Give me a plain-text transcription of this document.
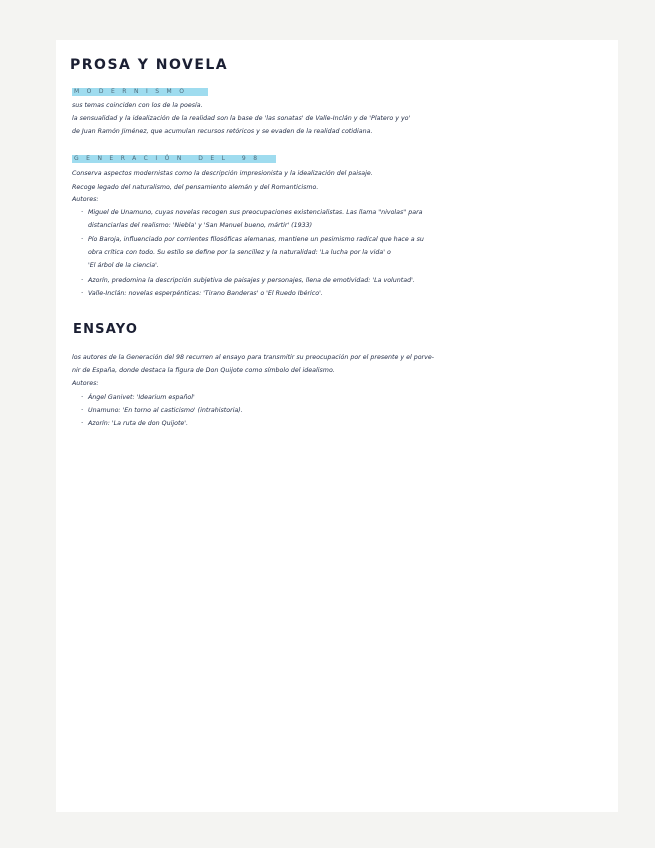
PROSA Y NOVELA
MODERNISMO
sus temas coinciden con los de la poesía.
la sensualidad y la idealización de la realidad son la base de 'las sonatas' de Valle-Inclán y de 'Platero y yo'
de Juan Ramón Jiménez, que acumulan recursos retóricos y se evaden de la realidad cotidiana.
GENERACIÓN DEL 98
Conserva aspectos modernistas como la descripción impresionista y la idealización del paisaje.
Recoge legado del naturalismo, del pensamiento alemán y del Romanticismo.
Autores:
· Miguel de Unamuno, cuyas novelas recogen sus preocupaciones existencialistas. Las llama "nivolas" para
distanciarlas del realismo: 'Niebla' y 'San Manuel bueno, mártir' (1933)
· Pío Baroja, influenciado por corrientes filosóficas alemanas, mantiene un pesimismo radical que hace a su
obra crítica con todo. Su estilo se define por la sencillez y la naturalidad: 'La lucha por la vida' o
'El árbol de la ciencia'.
· Azorín, predomina la descripción subjetiva de paisajes y personajes, llena de emotividad: 'La voluntad'.
· Valle-Inclán: novelas esperpénticas: 'Tirano Banderas' o 'El Ruedo Ibérico'.
ENSAYO
los autores de la Generación del 98 recurren al ensayo para transmitir su preocupación por el presente y el porve-
nir de España, donde destaca la figura de Don Quijote como símbolo del idealismo.
Autores:
· Ángel Ganivet: 'Idearium español'
· Unamuno: 'En torno al casticismo' (intrahistoria).
· Azorín: 'La ruta de don Quijote'.
